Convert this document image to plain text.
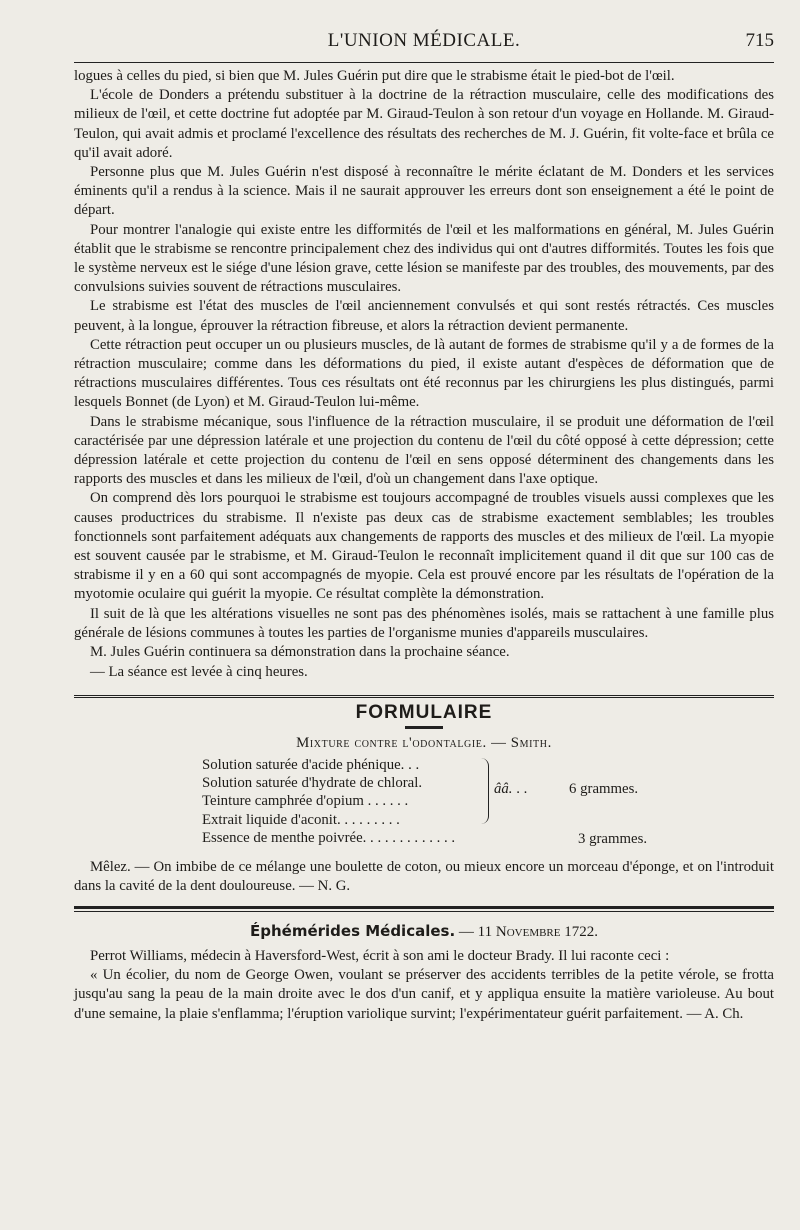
L'UNION MÉDICALE.	715

logues à celles du pied, si bien que M. Jules Guérin put dire que le strabisme était le pied-bot de l'œil.

L'école de Donders a prétendu substituer à la doctrine de la rétraction musculaire, celle des modifications des milieux de l'œil, et cette doctrine fut adoptée par M. Giraud-Teulon à son retour d'un voyage en Hollande. M. Giraud-Teulon, qui avait admis et proclamé l'excellence des résultats des recherches de M. J. Guérin, fit volte-face et brûla ce qu'il avait adoré.

Personne plus que M. Jules Guérin n'est disposé à reconnaître le mérite éclatant de M. Donders et les services éminents qu'il a rendus à la science. Mais il ne saurait approuver les erreurs dont son enseignement a été le point de départ.

Pour montrer l'analogie qui existe entre les difformités de l'œil et les malformations en général, M. Jules Guérin établit que le strabisme se rencontre principalement chez des individus qui ont d'autres difformités. Toutes les fois que le système nerveux est le siége d'une lésion grave, cette lésion se manifeste par des troubles, des mouvements, par des convulsions suivies souvent de rétractions musculaires.

Le strabisme est l'état des muscles de l'œil anciennement convulsés et qui sont restés rétractés. Ces muscles peuvent, à la longue, éprouver la rétraction fibreuse, et alors la rétraction devient permanente.

Cette rétraction peut occuper un ou plusieurs muscles, de là autant de formes de strabisme qu'il y a de formes de la rétraction musculaire; comme dans les déformations du pied, il existe autant d'espèces de déformation que de rétractions musculaires différentes. Tous ces résultats ont été reconnus par les chirurgiens les plus distingués, parmi lesquels Bonnet (de Lyon) et M. Giraud-Teulon lui-même.

Dans le strabisme mécanique, sous l'influence de la rétraction musculaire, il se produit une déformation de l'œil caractérisée par une dépression latérale et une projection du contenu de l'œil du côté opposé à cette dépression; cette dépression latérale et cette projection du contenu de l'œil en sens opposé déterminent des changements dans les rapports des muscles et dans les milieux de l'œil, d'où un changement dans l'axe optique.

On comprend dès lors pourquoi le strabisme est toujours accompagné de troubles visuels aussi complexes que les causes productrices du strabisme. Il n'existe pas deux cas de strabisme exactement semblables; les troubles fonctionnels sont parfaitement adéquats aux changements de rapports des muscles et des milieux de l'œil. La myopie est souvent causée par le strabisme, et M. Giraud-Teulon le reconnaît implicitement quand il dit que sur 100 cas de strabisme il y en a 60 qui sont accompagnés de myopie. Cela est prouvé encore par les résultats de l'opération de la myotomie oculaire qui guérit la myopie. Ce résultat complète la démonstration.

Il suit de là que les altérations visuelles ne sont pas des phénomènes isolés, mais se rattachent à une famille plus générale de lésions communes à toutes les parties de l'organisme munies d'appareils musculaires.

M. Jules Guérin continuera sa démonstration dans la prochaine séance.

— La séance est levée à cinq heures.

FORMULAIRE
Mixture contre l'odontalgie. — Smith.
Solution saturée d'acide phénique. . .
Solution saturée d'hydrate de chloral.
Teinture camphrée d'opium . . . . . .
Extrait liquide d'aconit. . . . . . . . .
Essence de menthe poivrée. . . . . . . . . . . . .
ââ. . .	6 grammes.
3 grammes.

Mêlez. — On imbibe de ce mélange une boulette de coton, ou mieux encore un morceau d'éponge, et on l'introduit dans la cavité de la dent douloureuse. — N. G.

Éphémérides Médicales. — 11 Novembre 1722.

Perrot Williams, médecin à Haversford-West, écrit à son ami le docteur Brady. Il lui raconte ceci :

« Un écolier, du nom de George Owen, voulant se préserver des accidents terribles de la petite vérole, se frotta jusqu'au sang la peau de la main droite avec le dos d'un canif, et y appliqua ensuite la matière varioleuse. Au bout d'une semaine, la plaie s'enflamma; l'éruption variolique survint; l'expérimentateur guérit parfaitement. — A. Ch.
